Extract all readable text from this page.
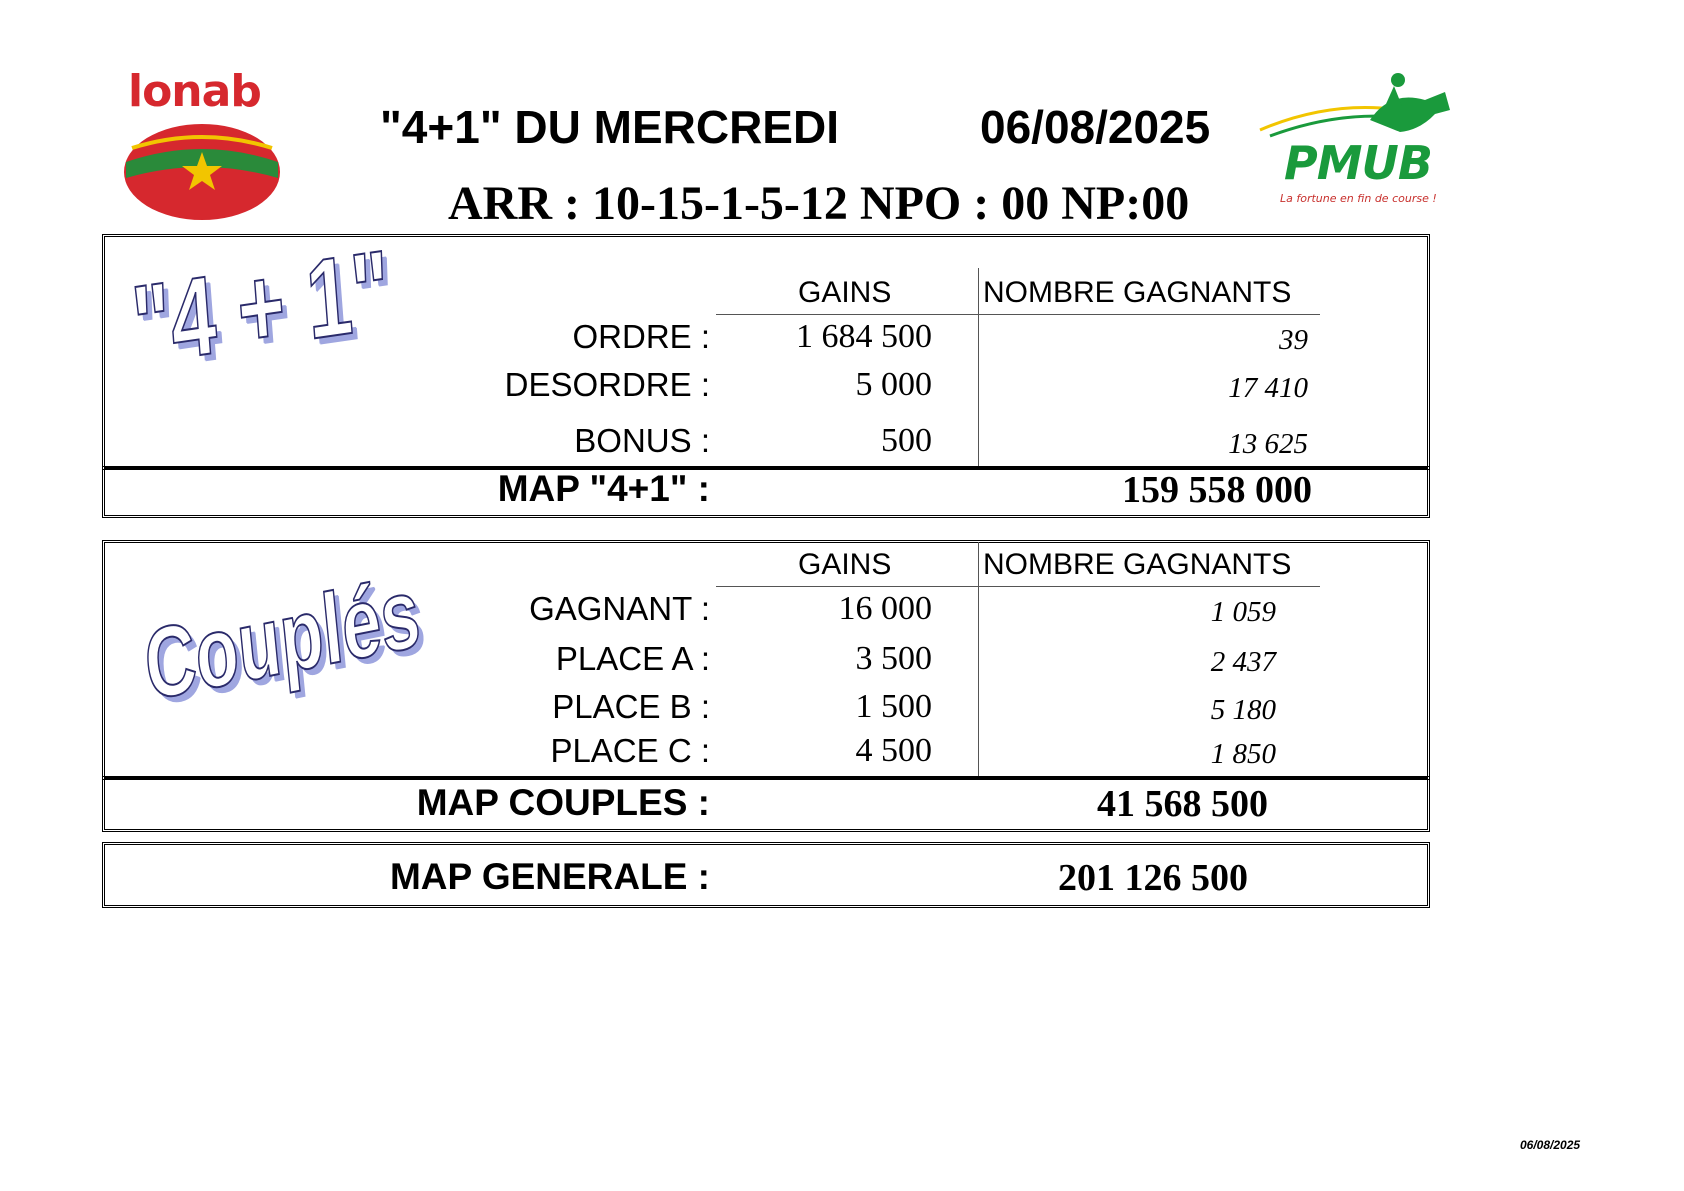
lonab
"4+1" DU MERCREDI	06/08/2025
ARR : 10-15-1-5-12 NPO : 00 NP:00
PMUB
La fortune en fin de course !
"4 + 1"	GAINS	NOMBRE GAGNANTS
ORDRE :	1 684 500	39
DESORDRE :	5 000	17 410
BONUS :	500	13 625
MAP "4+1" :	159 558 000
Couplés	GAINS	NOMBRE GAGNANTS
GAGNANT :	16 000	1 059
PLACE A :	3 500	2 437
PLACE B :	1 500	5 180
PLACE C :	4 500	1 850
MAP COUPLES :	41 568 500
MAP GENERALE :	201 126 500
06/08/2025
